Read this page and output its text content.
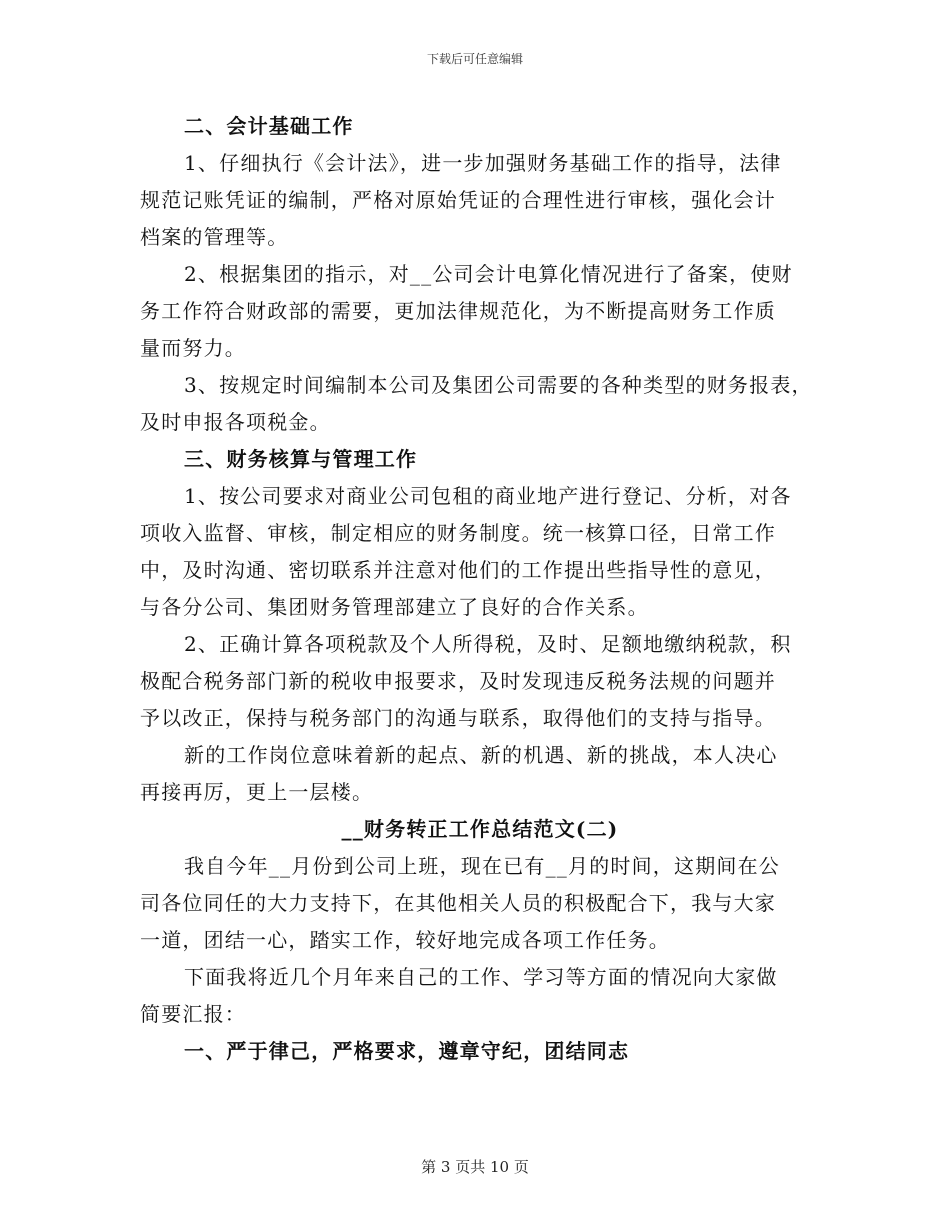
下载后可任意编辑
二、会计基础工作
1、仔细执行《会计法》，进一步加强财务基础工作的指导，法律
规范记账凭证的编制，严格对原始凭证的合理性进行审核，强化会计
档案的管理等。
2、根据集团的指示，对__公司会计电算化情况进行了备案，使财
务工作符合财政部的需要，更加法律规范化，为不断提高财务工作质
量而努力。
3、按规定时间编制本公司及集团公司需要的各种类型的财务报表，
及时申报各项税金。
三、财务核算与管理工作
1、按公司要求对商业公司包租的商业地产进行登记、分析，对各
项收入监督、审核，制定相应的财务制度。统一核算口径，日常工作
中，及时沟通、密切联系并注意对他们的工作提出些指导性的意见，
与各分公司、集团财务管理部建立了良好的合作关系。
2、正确计算各项税款及个人所得税，及时、足额地缴纳税款，积
极配合税务部门新的税收申报要求，及时发现违反税务法规的问题并
予以改正，保持与税务部门的沟通与联系，取得他们的支持与指导。
新的工作岗位意味着新的起点、新的机遇、新的挑战，本人决心
再接再厉，更上一层楼。
__财务转正工作总结范文(二)
我自今年__月份到公司上班，现在已有__月的时间，这期间在公
司各位同任的大力支持下，在其他相关人员的积极配合下，我与大家
一道，团结一心，踏实工作，较好地完成各项工作任务。
下面我将近几个月年来自己的工作、学习等方面的情况向大家做
简要汇报：
一、严于律己，严格要求，遵章守纪，团结同志
第 3 页共 10 页
